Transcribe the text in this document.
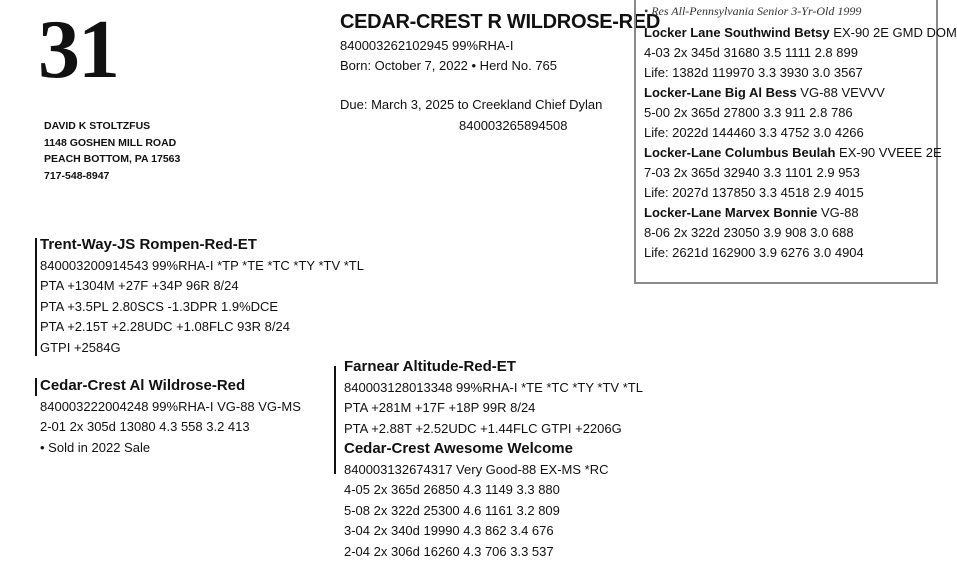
31
DAVID K STOLTZFUS
1148 GOSHEN MILL ROAD
PEACH BOTTOM, PA 17563
717-548-8947
CEDAR-CREST R WILDROSE-RED
840003262102945 99%RHA-I
Born: October 7, 2022 • Herd No. 765
Due: March 3, 2025 to Creekland Chief Dylan
840003265894508
• Res All-Pennsylvania Senior 3-Yr-Old 1999
Locker Lane Southwind Betsy EX-90 2E GMD DOM
4-03 2x 345d 31680 3.5 1111 2.8 899
Life: 1382d 119970 3.3 3930 3.0 3567
Locker-Lane Big Al Bess VG-88 VEVVV
5-00 2x 365d 27800 3.3 911 2.8 786
Life: 2022d 144460 3.3 4752 3.0 4266
Locker-Lane Columbus Beulah EX-90 VVEEE 2E
7-03 2x 365d 32940 3.3 1101 2.9 953
Life: 2027d 137850 3.3 4518 2.9 4015
Locker-Lane Marvex Bonnie VG-88
8-06 2x 322d 23050 3.9 908 3.0 688
Life: 2621d 162900 3.9 6276 3.0 4904
Trent-Way-JS Rompen-Red-ET
840003200914543 99%RHA-I *TP *TE *TC *TY *TV *TL
PTA +1304M +27F +34P 96R 8/24
PTA +3.5PL 2.80SCS -1.3DPR 1.9%DCE
PTA +2.15T +2.28UDC +1.08FLC 93R 8/24
GTPI +2584G
Cedar-Crest Al Wildrose-Red
840003222004248 99%RHA-I VG-88 VG-MS
2-01 2x 305d 13080 4.3 558 3.2 413
• Sold in 2022 Sale
Farnear Altitude-Red-ET
840003128013348 99%RHA-I *TE *TC *TY *TV *TL
PTA +281M +17F +18P 99R 8/24
PTA +2.88T +2.52UDC +1.44FLC GTPI +2206G
Cedar-Crest Awesome Welcome
840003132674317 Very Good-88 EX-MS *RC
4-05 2x 365d 26850 4.3 1149 3.3 880
5-08 2x 322d 25300 4.6 1161 3.2 809
3-04 2x 340d 19990 4.3 862 3.4 676
2-04 2x 306d 16260 4.3 706 3.3 537
